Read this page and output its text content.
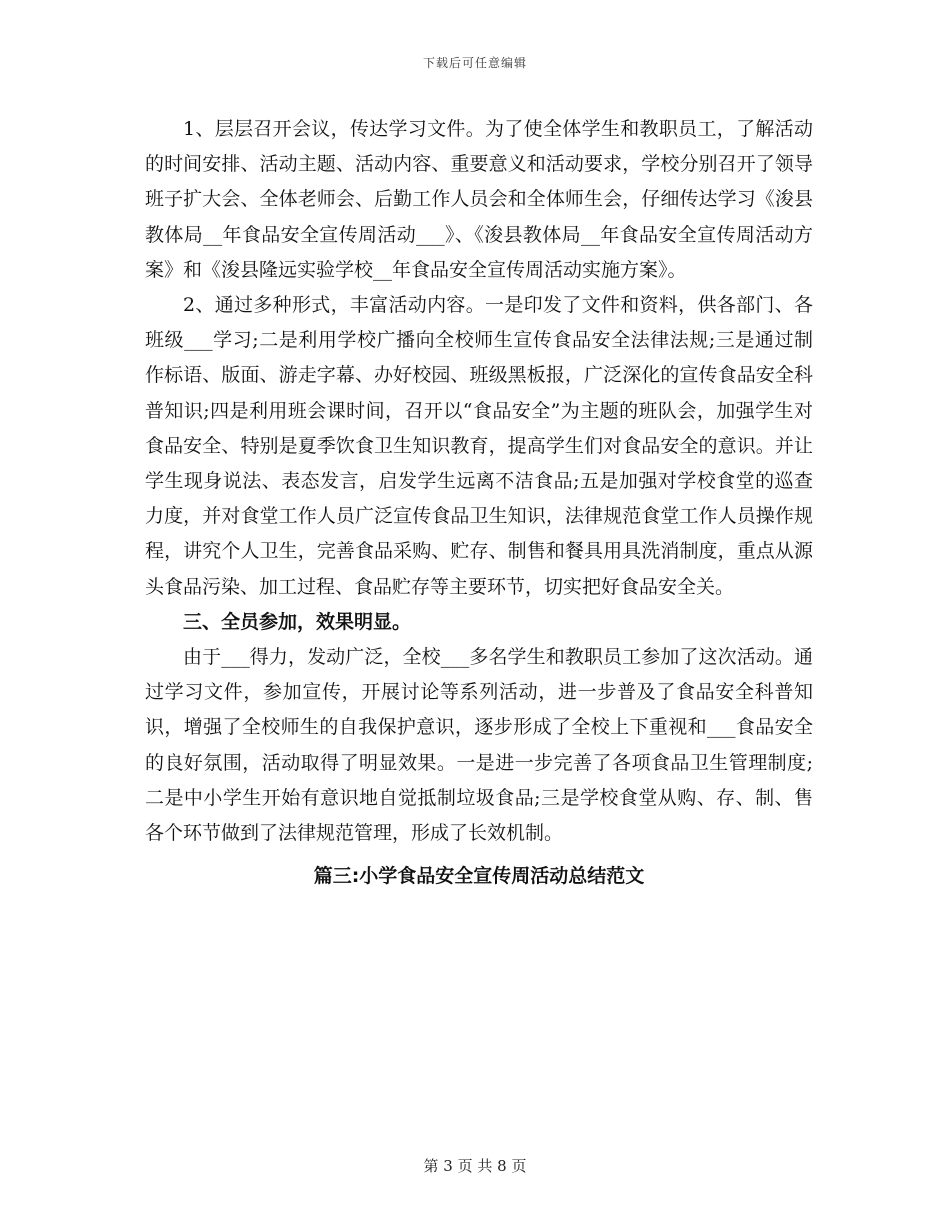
下载后可任意编辑

1、层层召开会议，传达学习文件。为了使全体学生和教职员工，了解活动的时间安排、活动主题、活动内容、重要意义和活动要求，学校分别召开了领导班子扩大会、全体老师会、后勤工作人员会和全体师生会，仔细传达学习《浚县教体局__年食品安全宣传周活动___》、《浚县教体局__年食品安全宣传周活动方案》和《浚县隆远实验学校__年食品安全宣传周活动实施方案》。

2、通过多种形式，丰富活动内容。一是印发了文件和资料，供各部门、各班级___学习;二是利用学校广播向全校师生宣传食品安全法律法规;三是通过制作标语、版面、游走字幕、办好校园、班级黑板报，广泛深化的宣传食品安全科普知识;四是利用班会课时间，召开以“食品安全”为主题的班队会，加强学生对食品安全、特别是夏季饮食卫生知识教育，提高学生们对食品安全的意识。并让学生现身说法、表态发言，启发学生远离不洁食品;五是加强对学校食堂的巡查力度，并对食堂工作人员广泛宣传食品卫生知识，法律规范食堂工作人员操作规程，讲究个人卫生，完善食品采购、贮存、制售和餐具用具洗消制度，重点从源头食品污染、加工过程、食品贮存等主要环节，切实把好食品安全关。

三、全员参加，效果明显。

由于___得力，发动广泛，全校___多名学生和教职员工参加了这次活动。通过学习文件，参加宣传，开展讨论等系列活动，进一步普及了食品安全科普知识，增强了全校师生的自我保护意识，逐步形成了全校上下重视和___食品安全的良好氛围，活动取得了明显效果。一是进一步完善了各项食品卫生管理制度;二是中小学生开始有意识地自觉抵制垃圾食品;三是学校食堂从购、存、制、售各个环节做到了法律规范管理，形成了长效机制。

篇三:小学食品安全宣传周活动总结范文

第 3 页 共 8 页
